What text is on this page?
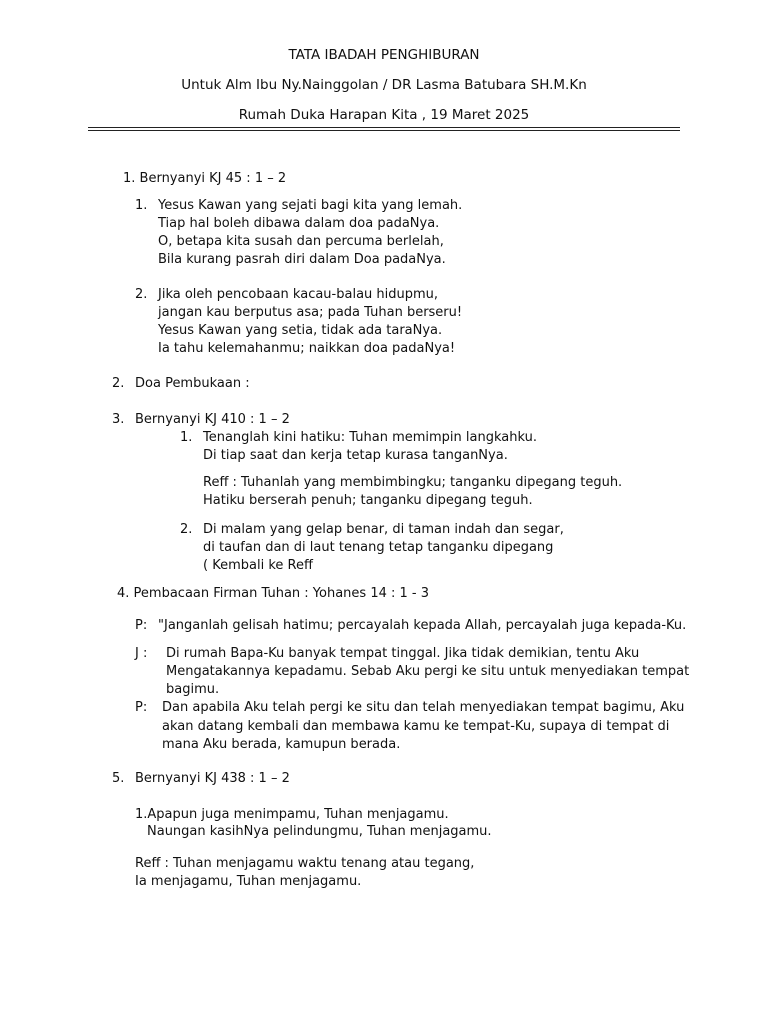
TATA IBADAH PENGHIBURAN
Untuk Alm Ibu Ny.Nainggolan / DR Lasma Batubara SH.M.Kn
Rumah Duka Harapan Kita , 19 Maret 2025
1. Bernyanyi KJ 45 : 1 – 2
1. Yesus Kawan yang sejati bagi kita yang lemah.
Tiap hal boleh dibawa dalam doa padaNya.
O, betapa kita susah dan percuma berlelah,
Bila kurang pasrah diri dalam Doa padaNya.
2. Jika oleh pencobaan kacau-balau hidupmu,
jangan kau berputus asa; pada Tuhan berseru!
Yesus Kawan yang setia, tidak ada taraNya.
Ia tahu kelemahanmu; naikkan doa padaNya!
2. Doa Pembukaan :
3. Bernyanyi KJ 410 : 1 – 2
1. Tenanglah kini hatiku: Tuhan memimpin langkahku.
Di tiap saat dan kerja tetap kurasa tanganNya.
Reff : Tuhanlah yang membimbingku; tanganku dipegang teguh.
Hatiku berserah penuh; tanganku dipegang teguh.
2. Di malam yang gelap benar, di taman indah dan segar,
di taufan dan di laut tenang tetap tanganku dipegang
( Kembali ke Reff
4. Pembacaan Firman Tuhan : Yohanes 14 : 1 - 3
P: "Janganlah gelisah hatimu; percayalah kepada Allah, percayalah juga kepada-Ku.
J : Di rumah Bapa-Ku banyak tempat tinggal. Jika tidak demikian, tentu Aku
Mengatakannya kepadamu. Sebab Aku pergi ke situ untuk menyediakan tempat
bagimu.
P: Dan apabila Aku telah pergi ke situ dan telah menyediakan tempat bagimu, Aku
akan datang kembali dan membawa kamu ke tempat-Ku, supaya di tempat di
mana Aku berada, kamupun berada.
5. Bernyanyi KJ 438 : 1 – 2
1.Apapun juga menimpamu, Tuhan menjagamu.
Naungan kasihNya pelindungmu, Tuhan menjagamu.
Reff : Tuhan menjagamu waktu tenang atau tegang,
Ia menjagamu, Tuhan menjagamu.
